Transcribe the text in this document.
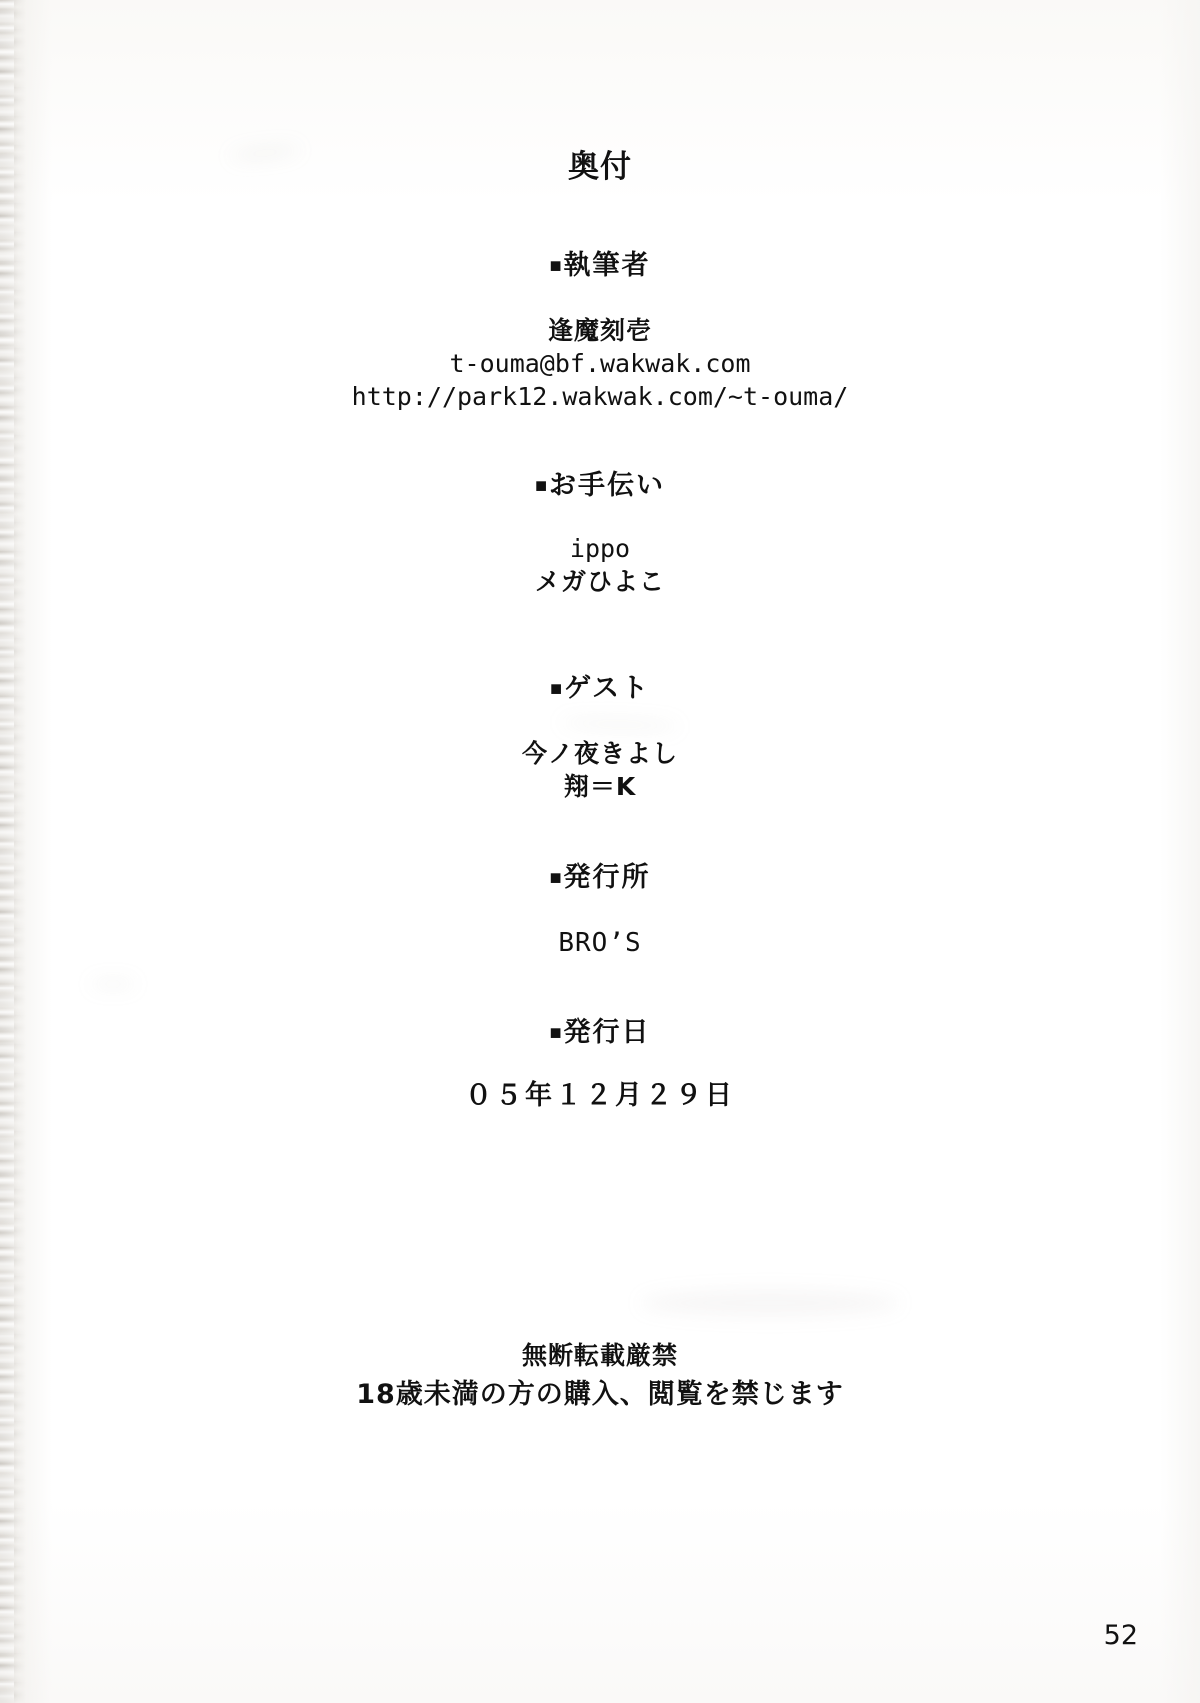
奥付
■執筆者
逢魔刻壱
t-ouma@bf.wakwak.com
http://park12.wakwak.com/~t-ouma/
■お手伝い
ippo
メガひよこ
■ゲスト
今ノ夜きよし
翔＝K
■発行所
BRO’S
■発行日
０５年１２月２９日
無断転載厳禁
18歳未満の方の購入、閲覧を禁じます
52
